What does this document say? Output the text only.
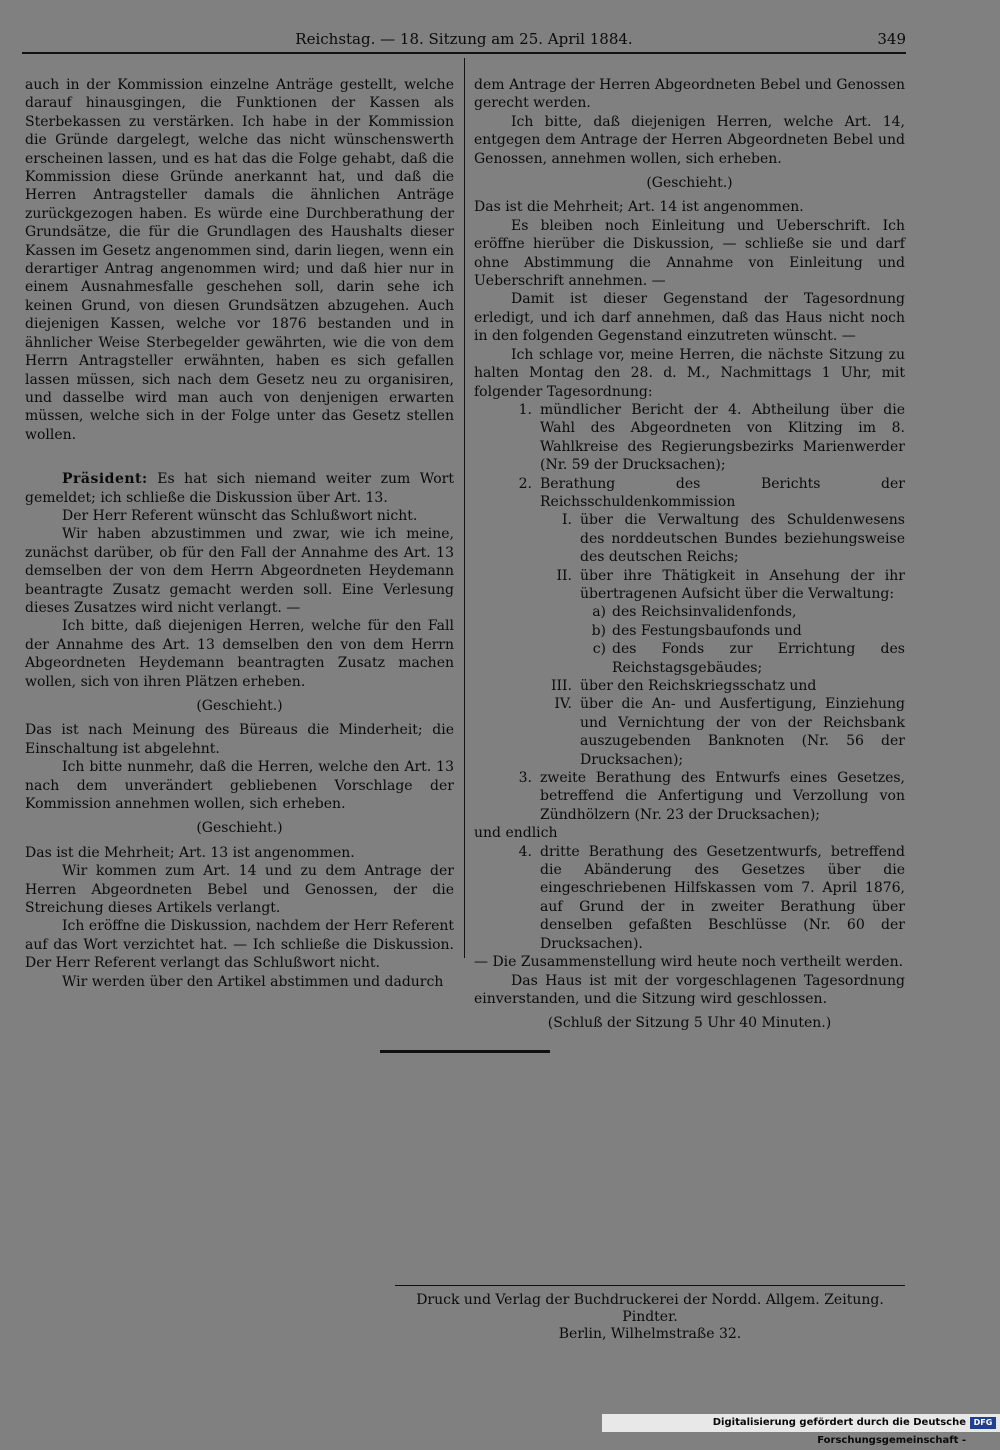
Reichstag. — 18. Sitzung am 25. April 1884.	349

auch in der Kommission einzelne Anträge gestellt, welche darauf hinausgingen, die Funktionen der Kassen als Sterbekassen zu verstärken. Ich habe in der Kommission die Gründe dargelegt, welche das nicht wünschenswerth erscheinen lassen, und es hat das die Folge gehabt, daß die Kommission diese Gründe anerkannt hat, und daß die Herren Antragsteller damals die ähnlichen Anträge zurückgezogen haben. Es würde eine Durchberathung der Grundsätze, die für die Grundlagen des Haushalts dieser Kassen im Gesetz angenommen sind, darin liegen, wenn ein derartiger Antrag angenommen wird; und daß hier nur in einem Ausnahmesfalle geschehen soll, darin sehe ich keinen Grund, von diesen Grundsätzen abzugehen. Auch diejenigen Kassen, welche vor 1876 bestanden und in ähnlicher Weise Sterbegelder gewährten, wie die von dem Herrn Antragsteller erwähnten, haben es sich gefallen lassen müssen, sich nach dem Gesetz neu zu organisiren, und dasselbe wird man auch von denjenigen erwarten müssen, welche sich in der Folge unter das Gesetz stellen wollen.

Präsident: Es hat sich niemand weiter zum Wort gemeldet; ich schließe die Diskussion über Art. 13.

Der Herr Referent wünscht das Schlußwort nicht.

Wir haben abzustimmen und zwar, wie ich meine, zunächst darüber, ob für den Fall der Annahme des Art. 13 demselben der von dem Herrn Abgeordneten Heydemann beantragte Zusatz gemacht werden soll. Eine Verlesung dieses Zusatzes wird nicht verlangt. —

Ich bitte, daß diejenigen Herren, welche für den Fall der Annahme des Art. 13 demselben den von dem Herrn Abgeordneten Heydemann beantragten Zusatz machen wollen, sich von ihren Plätzen erheben.

(Geschieht.)

Das ist nach Meinung des Büreaus die Minderheit; die Einschaltung ist abgelehnt.

Ich bitte nunmehr, daß die Herren, welche den Art. 13 nach dem unverändert gebliebenen Vorschlage der Kommission annehmen wollen, sich erheben.

(Geschieht.)

Das ist die Mehrheit; Art. 13 ist angenommen.

Wir kommen zum Art. 14 und zu dem Antrage der Herren Abgeordneten Bebel und Genossen, der die Streichung dieses Artikels verlangt.

Ich eröffne die Diskussion, nachdem der Herr Referent auf das Wort verzichtet hat. — Ich schließe die Diskussion. Der Herr Referent verlangt das Schlußwort nicht.

Wir werden über den Artikel abstimmen und dadurch

dem Antrage der Herren Abgeordneten Bebel und Genossen gerecht werden.

Ich bitte, daß diejenigen Herren, welche Art. 14, entgegen dem Antrage der Herren Abgeordneten Bebel und Genossen, annehmen wollen, sich erheben.

(Geschieht.)

Das ist die Mehrheit; Art. 14 ist angenommen.

Es bleiben noch Einleitung und Ueberschrift. Ich eröffne hierüber die Diskussion, — schließe sie und darf ohne Abstimmung die Annahme von Einleitung und Ueberschrift annehmen. —

Damit ist dieser Gegenstand der Tagesordnung erledigt, und ich darf annehmen, daß das Haus nicht noch in den folgenden Gegenstand einzutreten wünscht. —

Ich schlage vor, meine Herren, die nächste Sitzung zu halten Montag den 28. d. M., Nachmittags 1 Uhr, mit folgender Tagesordnung:

1. mündlicher Bericht der 4. Abtheilung über die Wahl des Abgeordneten von Klitzing im 8. Wahlkreise des Regierungsbezirks Marienwerder (Nr. 59 der Drucksachen);
2. Berathung des Berichts der Reichsschuldenkommission
I. über die Verwaltung des Schuldenwesens des norddeutschen Bundes beziehungsweise des deutschen Reichs;
II. über ihre Thätigkeit in Ansehung der ihr übertragenen Aufsicht über die Verwaltung:
a) des Reichsinvalidenfonds,
b) des Festungsbaufonds und
c) des Fonds zur Errichtung des Reichstagsgebäudes;
III. über den Reichskriegsschatz und
IV. über die An- und Ausfertigung, Einziehung und Vernichtung der von der Reichsbank auszugebenden Banknoten (Nr. 56 der Drucksachen);
3. zweite Berathung des Entwurfs eines Gesetzes, betreffend die Anfertigung und Verzollung von Zündhölzern (Nr. 23 der Drucksachen);

und endlich

4. dritte Berathung des Gesetzentwurfs, betreffend die Abänderung des Gesetzes über die eingeschriebenen Hilfskassen vom 7. April 1876, auf Grund der in zweiter Berathung über denselben gefaßten Beschlüsse (Nr. 60 der Drucksachen).

— Die Zusammenstellung wird heute noch vertheilt werden.

Das Haus ist mit der vorgeschlagenen Tagesordnung einverstanden, und die Sitzung wird geschlossen.

(Schluß der Sitzung 5 Uhr 40 Minuten.)

Druck und Verlag der Buchdruckerei der Nordd. Allgem. Zeitung. Pindter.
Berlin, Wilhelmstraße 32.
Digitalisierung gefördert durch die Deutsche Forschungsgemeinschaft -
DFG
